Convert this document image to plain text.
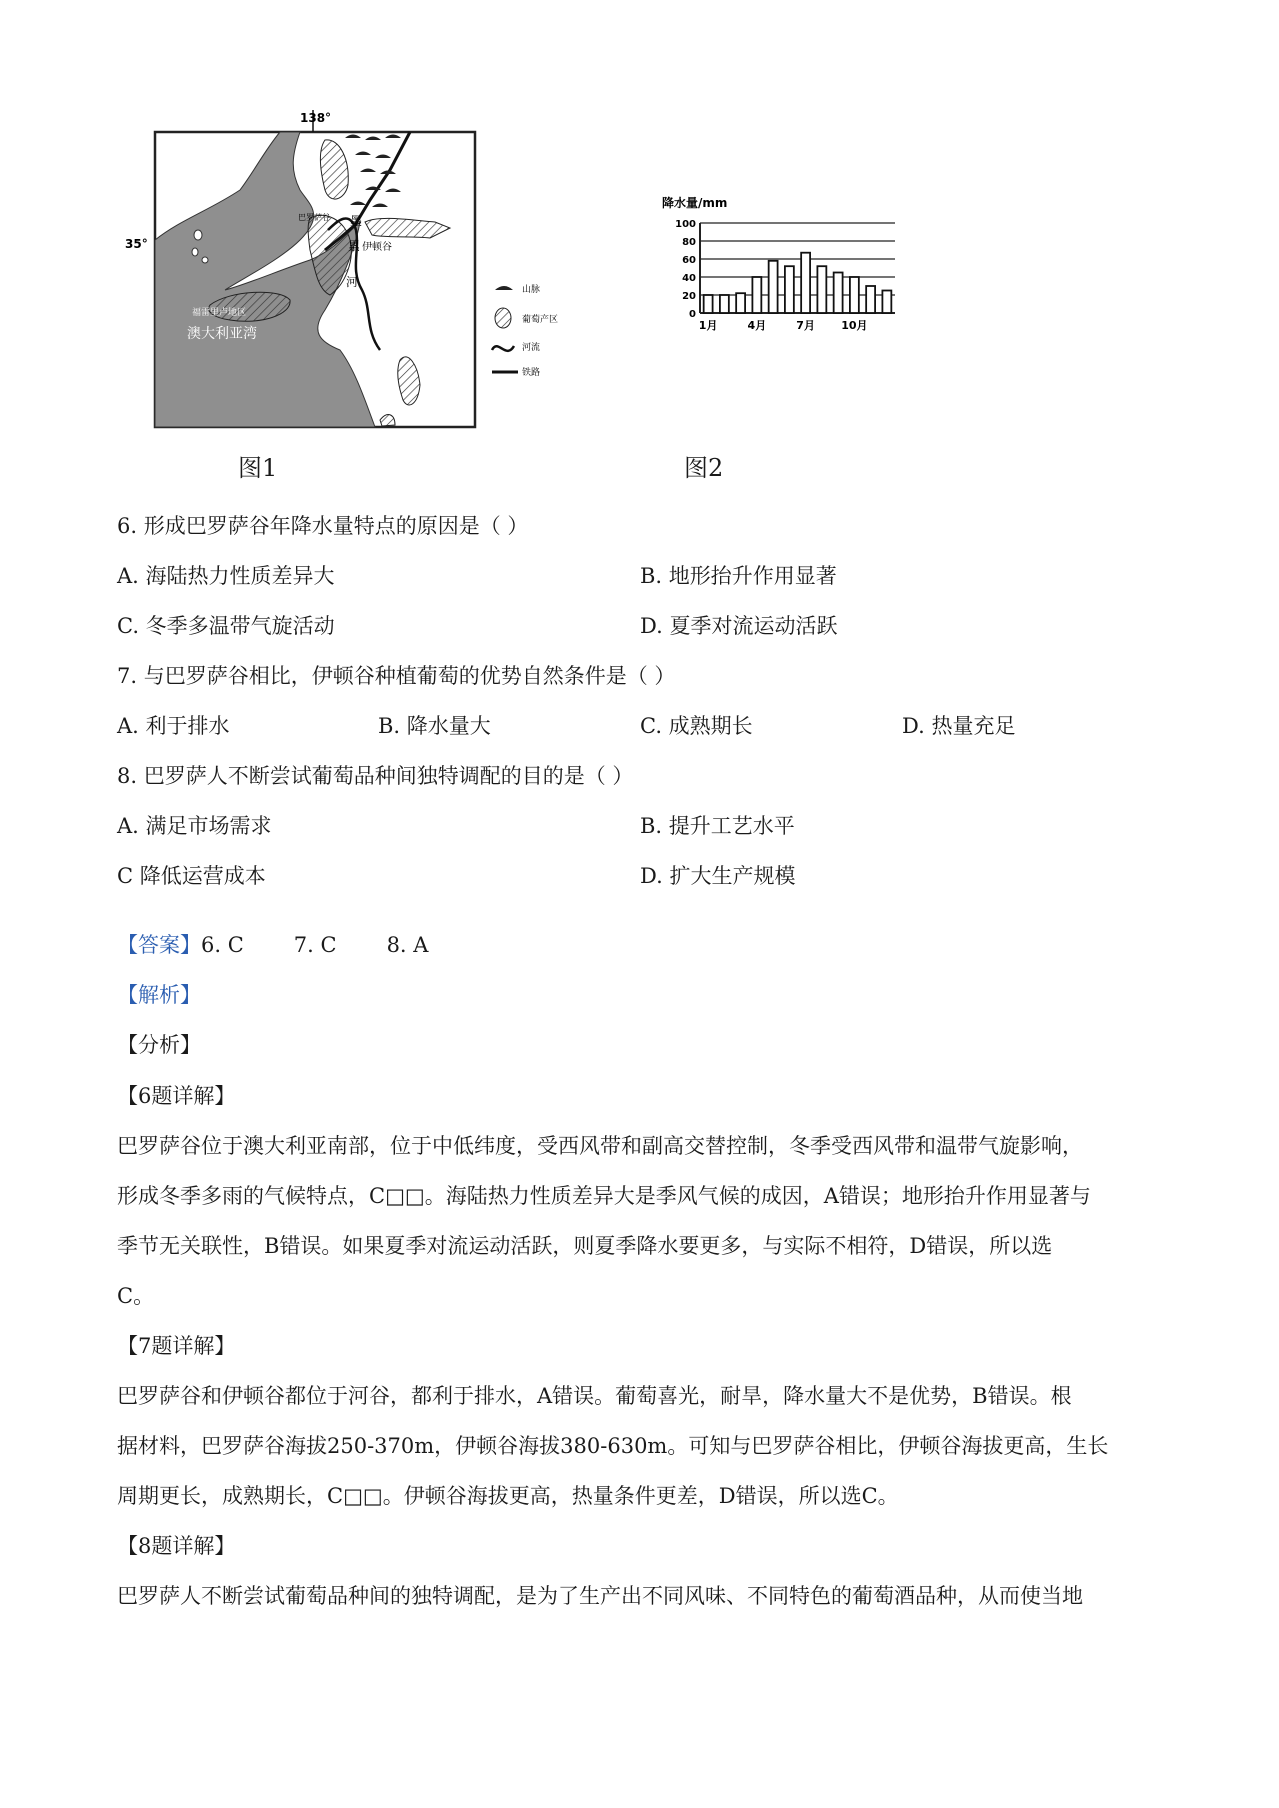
138°
35°
巴罗萨谷
伊顿谷
墨
累
河
福雷里卢地区
澳大利亚湾
山脉
葡萄产区
河流
铁路
图1
降水量/mm
0
20
40
60
80
100
1月	4月	7月 10月
图2
6. 形成巴罗萨谷年降水量特点的原因是（ ）
A. 海陆热力性质差异大	B. 地形抬升作用显著
C. 冬季多温带气旋活动	D. 夏季对流运动活跃
7. 与巴罗萨谷相比，伊顿谷种植葡萄的优势自然条件是（ ）
A. 利于排水	B. 降水量大	C. 成熟期长	D. 热量充足
8. 巴罗萨人不断尝试葡萄品种间独特调配的目的是（ ）
A. 满足市场需求	B. 提升工艺水平
C 降低运营成本	D. 扩大生产规模
【答案】6. C 7. C 8. A
【解析】
【分析】
【6题详解】
巴罗萨谷位于澳大利亚南部，位于中低纬度，受西风带和副高交替控制，冬季受西风带和温带气旋影响，
形成冬季多雨的气候特点，C□□。海陆热力性质差异大是季风气候的成因，A错误；地形抬升作用显著与
季节无关联性，B错误。如果夏季对流运动活跃，则夏季降水要更多，与实际不相符，D错误，所以选
C。
【7题详解】
巴罗萨谷和伊顿谷都位于河谷，都利于排水，A错误。葡萄喜光，耐旱，降水量大不是优势，B错误。根
据材料，巴罗萨谷海拔250-370m，伊顿谷海拔380-630m。可知与巴罗萨谷相比，伊顿谷海拔更高，生长
周期更长，成熟期长，C□□。伊顿谷海拔更高，热量条件更差，D错误，所以选C。
【8题详解】
巴罗萨人不断尝试葡萄品种间的独特调配，是为了生产出不同风味、不同特色的葡萄酒品种，从而使当地
